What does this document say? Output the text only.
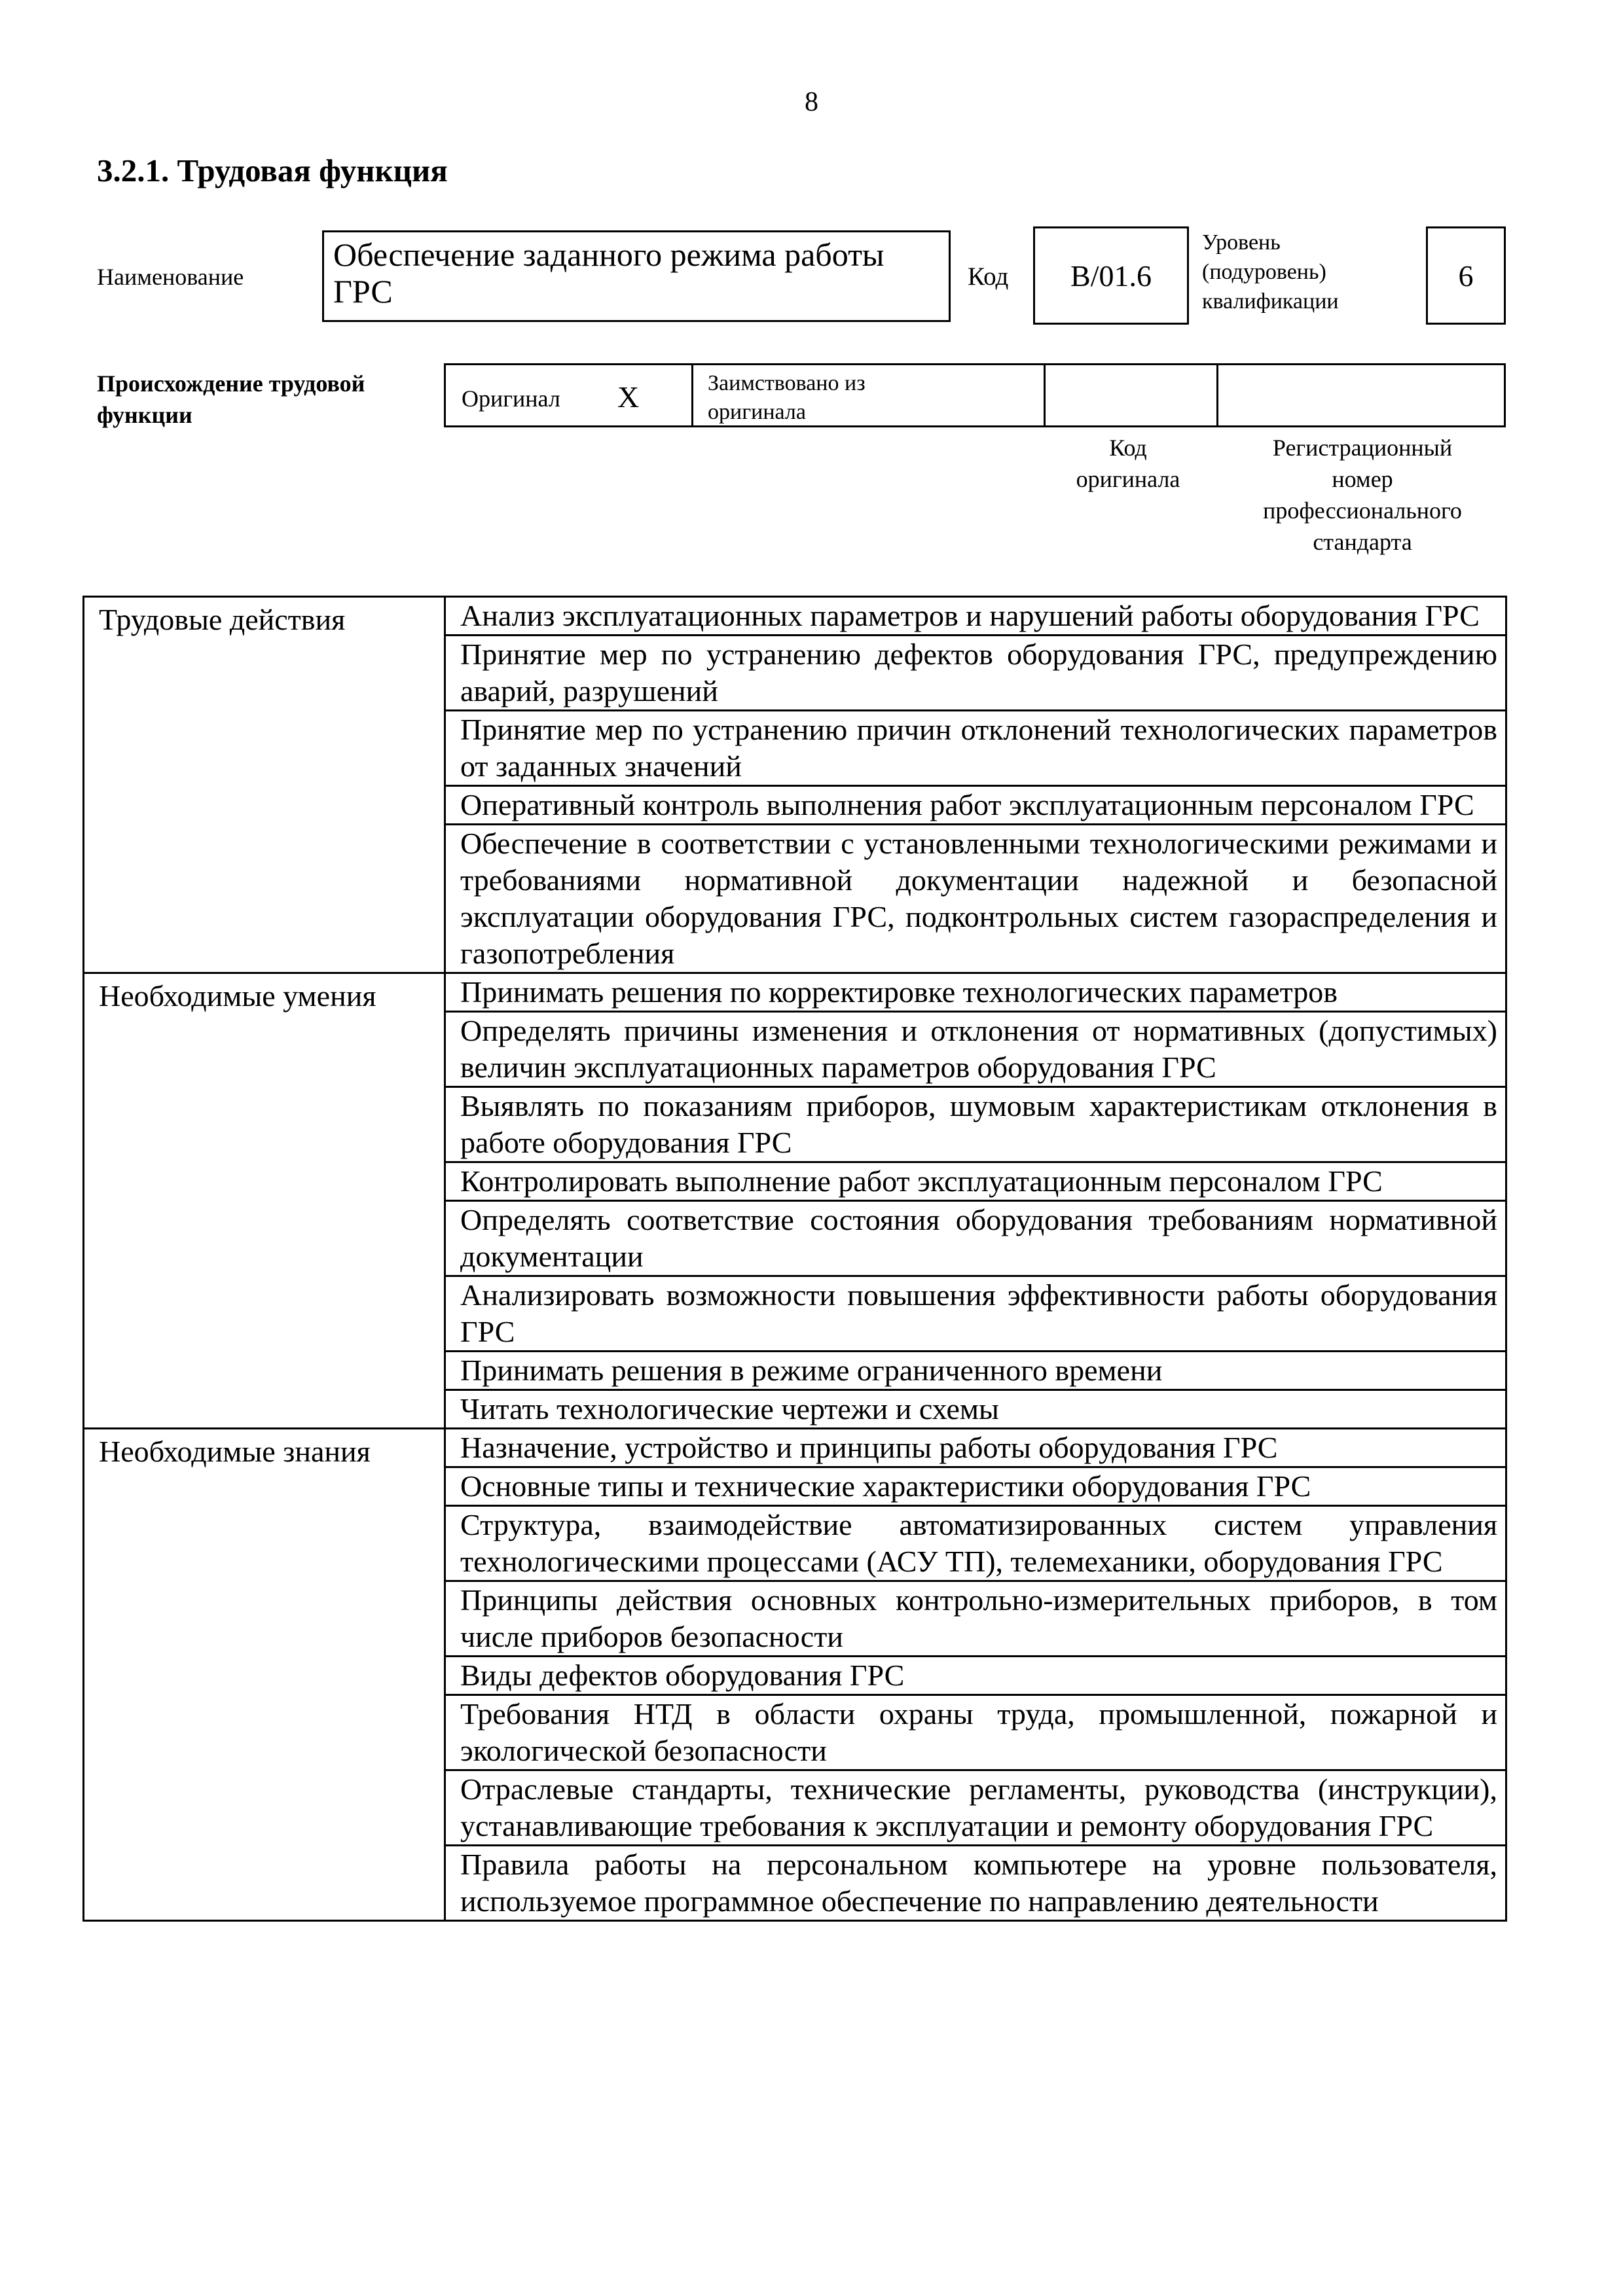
8
3.2.1. Трудовая функция
Наименование
Обеспечение заданного режима работы ГРС	Код B/01.6
Уровень
(подуровень)
квалификации
6
Происхождение трудовой
функции
Оригинал X	Заимствовано из
оригинала
Код
оригинала
Регистрационный
номер
профессионального
стандарта
Трудовые действия	Анализ эксплуатационных параметров и нарушений работы оборудования ГРС
	Принятие мер по устранению дефектов оборудования ГРС, предупреждению аварий, разрушений
	Принятие мер по устранению причин отклонений технологических параметров от заданных значений
	Оперативный контроль выполнения работ эксплуатационным персоналом ГРС
	Обеспечение в соответствии с установленными технологическими режимами и требованиями нормативной документации надежной и безопасной эксплуатации оборудования ГРС, подконтрольных систем газораспределения и газопотребления
Необходимые умения	Принимать решения по корректировке технологических параметров
	Определять причины изменения и отклонения от нормативных (допустимых) величин эксплуатационных параметров оборудования ГРС
	Выявлять по показаниям приборов, шумовым характеристикам отклонения в работе оборудования ГРС
	Контролировать выполнение работ эксплуатационным персоналом ГРС
	Определять соответствие состояния оборудования требованиям нормативной документации
	Анализировать возможности повышения эффективности работы оборудования ГРС
	Принимать решения в режиме ограниченного времени
	Читать технологические чертежи и схемы
Необходимые знания	Назначение, устройство и принципы работы оборудования ГРС
	Основные типы и технические характеристики оборудования ГРС
	Структура, взаимодействие автоматизированных систем управления технологическими процессами (АСУ ТП), телемеханики, оборудования ГРС
	Принципы действия основных контрольно-измерительных приборов, в том числе приборов безопасности
	Виды дефектов оборудования ГРС
	Требования НТД в области охраны труда, промышленной, пожарной и экологической безопасности
	Отраслевые стандарты, технические регламенты, руководства (инструкции), устанавливающие требования к эксплуатации и ремонту оборудования ГРС
	Правила работы на персональном компьютере на уровне пользователя, используемое программное обеспечение по направлению деятельности
